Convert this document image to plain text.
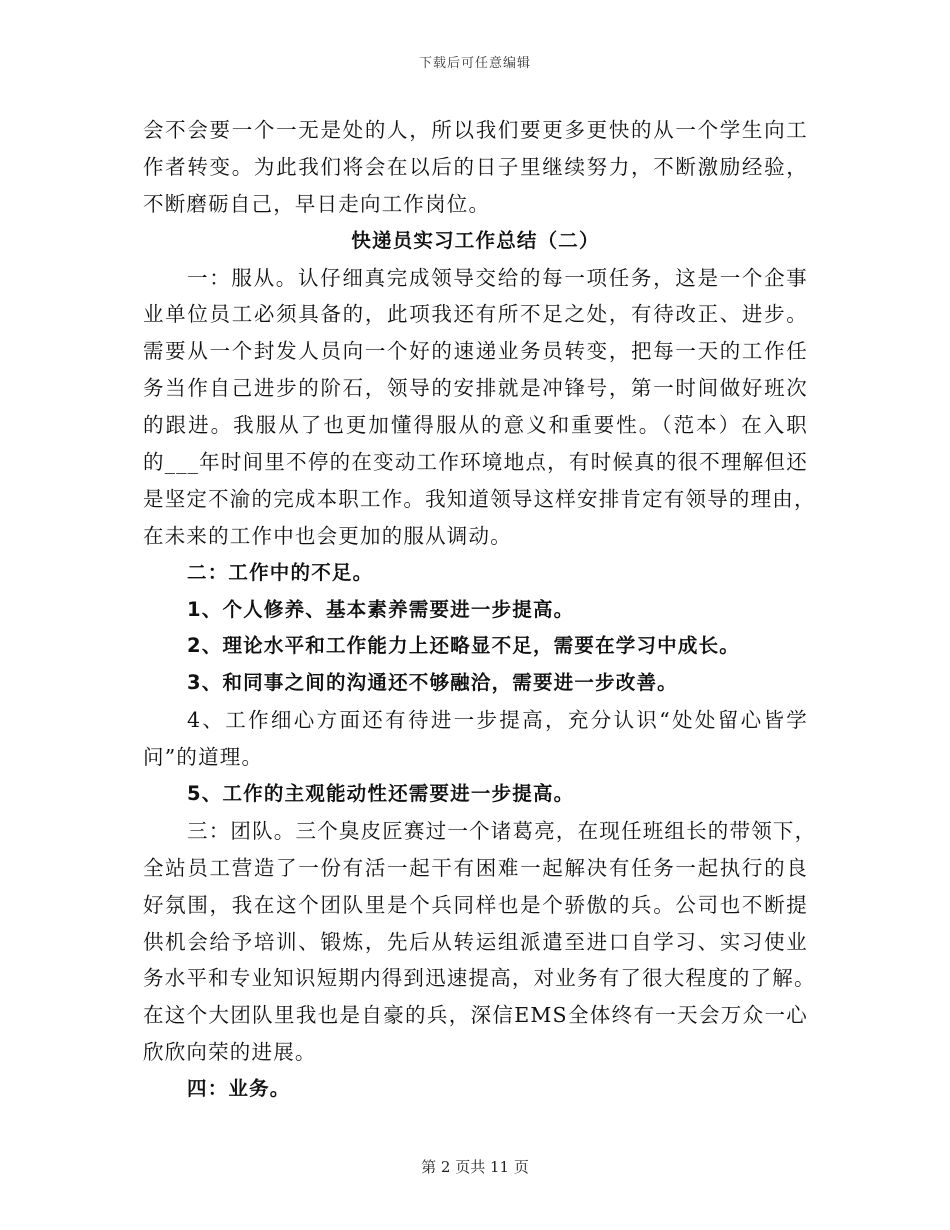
下载后可任意编辑
会不会要一个一无是处的人，所以我们要更多更快的从一个学生向工
作者转变。为此我们将会在以后的日子里继续努力，不断激励经验，
不断磨砺自己，早日走向工作岗位。
快递员实习工作总结（二）
一：服从。认仔细真完成领导交给的每一项任务，这是一个企事
业单位员工必须具备的，此项我还有所不足之处，有待改正、进步。
需要从一个封发人员向一个好的速递业务员转变，把每一天的工作任
务当作自己进步的阶石，领导的安排就是冲锋号，第一时间做好班次
的跟进。我服从了也更加懂得服从的意义和重要性。（范本）在入职
的___年时间里不停的在变动工作环境地点，有时候真的很不理解但还
是坚定不渝的完成本职工作。我知道领导这样安排肯定有领导的理由，
在未来的工作中也会更加的服从调动。
二：工作中的不足。
1、个人修养、基本素养需要进一步提高。
2、理论水平和工作能力上还略显不足，需要在学习中成长。
3、和同事之间的沟通还不够融洽，需要进一步改善。
4、工作细心方面还有待进一步提高，充分认识“处处留心皆学
问”的道理。
5、工作的主观能动性还需要进一步提高。
三：团队。三个臭皮匠赛过一个诸葛亮，在现任班组长的带领下，
全站员工营造了一份有活一起干有困难一起解决有任务一起执行的良
好氛围，我在这个团队里是个兵同样也是个骄傲的兵。公司也不断提
供机会给予培训、锻炼，先后从转运组派遣至进口自学习、实习使业
务水平和专业知识短期内得到迅速提高，对业务有了很大程度的了解。
在这个大团队里我也是自豪的兵，深信EMS全体终有一天会万众一心
欣欣向荣的进展。
四：业务。
第 2 页共 11 页
